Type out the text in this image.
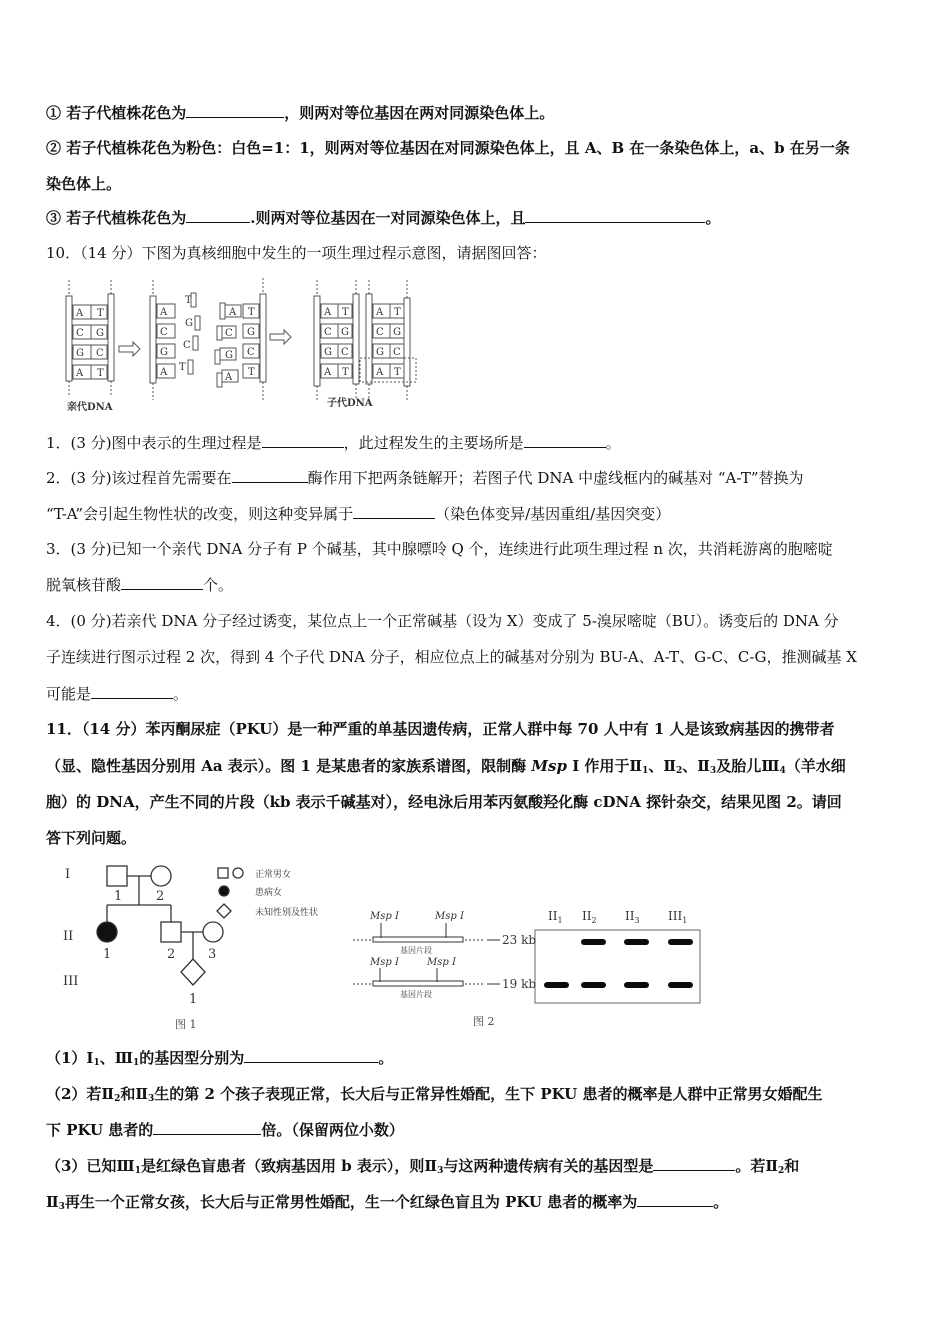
① 若子代植株花色为	，则两对等位基因在两对同源染色体上。
② 若子代植株花色为粉色：白色=1：1，则两对等位基因在对同源染色体上，且 A、B 在一条染色体上，a、b 在另一条
染色体上。
③ 若子代植株花色为	.则两对等位基因在一对同源染色体上，且	。
10．（14 分）下图为真核细胞中发生的一项生理过程示意图，请据图回答：
A T
C G
G C
A T
A
C
G
A
T
G
C
T
A
C
G
A
T
G
C
T
A T
C G
G C
A T
A T
C G
G C
A T
亲代DNA	子代DNA
1．(3 分)图中表示的生理过程是	，此过程发生的主要场所是	。
2．(3 分)该过程首先需要在	酶作用下把两条链解开；若图子代 DNA 中虚线框内的碱基对 “A-T”替换为
“T-A”会引起生物性状的改变，则这种变异属于	（染色体变异/基因重组/基因突变）
3．(3 分)已知一个亲代 DNA 分子有 P 个碱基，其中腺嘌呤 Q 个，连续进行此项生理过程 n 次，共消耗游离的胞嘧啶
脱氧核苷酸	个。
4．(0 分)若亲代 DNA 分子经过诱变，某位点上一个正常碱基（设为 X）变成了 5-溴尿嘧啶（BU）。诱变后的 DNA 分
子连续进行图示过程 2 次，得到 4 个子代 DNA 分子，相应位点上的碱基对分别为 BU-A、A-T、G-C、C-G，推测碱基 X
可能是	。
11．（14 分）苯丙酮尿症（PKU）是一种严重的单基因遗传病，正常人群中每 70 人中有 1 人是该致病基因的携带者
（显、隐性基因分别用 Aa 表示）。图 1 是某患者的家族系谱图，限制酶 Msp I 作用于$Ⅱ_1$、$Ⅱ_2$、$Ⅱ_3$及胎儿$Ⅲ_4$（羊水细
胞）的 DNA，产生不同的片段（kb 表示千碱基对），经电泳后用苯丙氨酸羟化酶 cDNA 探针杂交，结果见图 2。请回
答下列问题。
I
II
III
1	2
1	2	3
1
正常男女
患病女
未知性别及性状
图 1
Msp I	Msp I
Msp I	Msp I
基因片段
基因片段
23 kb
19 kb
$II_1$ $II_2$ $II_3$ $III_1$
图 2
$(1)I_1$、$Ⅲ_1$的基因型分别为	。
（2）若$Ⅱ_2$和$Ⅱ_3$生的第 2 个孩子表现正常，长大后与正常异性婚配，生下 PKU 患者的概率是人群中正常男女婚配生
下 PKU 患者的	倍。（保留两位小数）
（3）已知$Ⅲ_1$是红绿色盲患者（致病基因用 b 表示），则$Ⅱ_3$与这两种遗传病有关的基因型是	。若$Ⅱ_2$和
$Ⅱ_3$再生一个正常女孩，长大后与正常男性婚配，生一个红绿色盲且为 PKU 患者的概率为	。
